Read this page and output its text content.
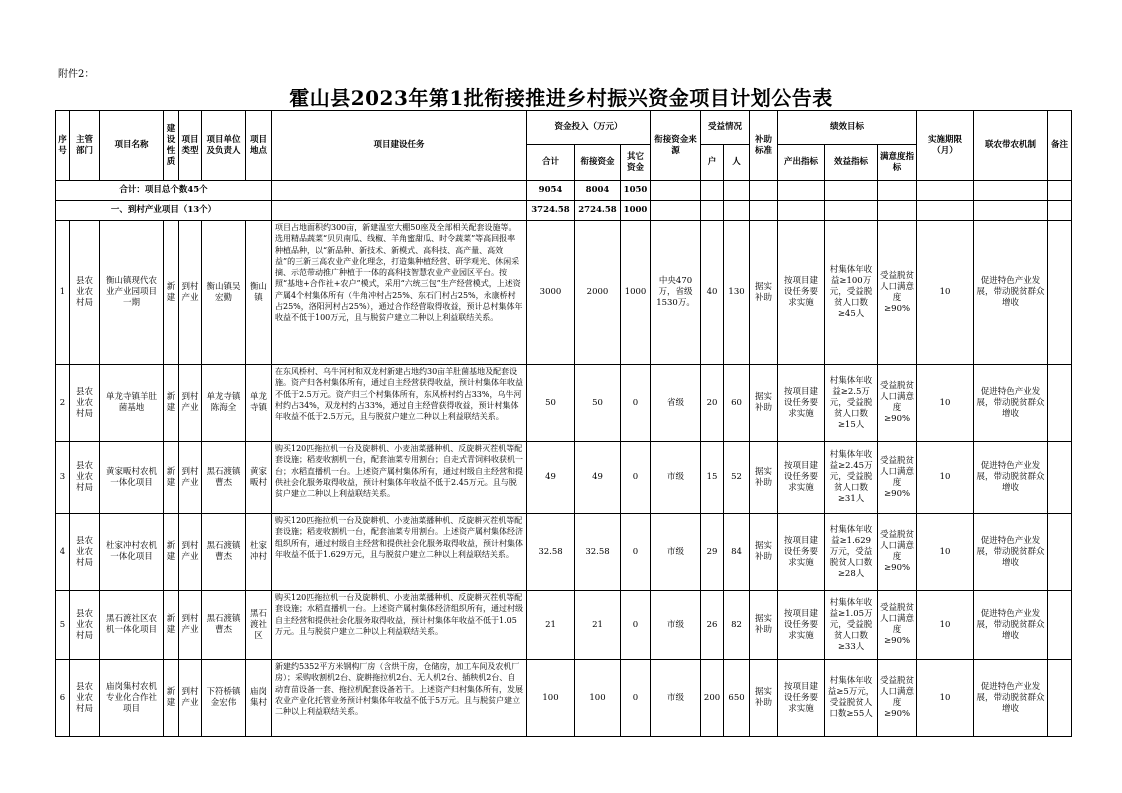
附件2：
霍山县2023年第1批衔接推进乡村振兴资金项目计划公告表
序号	主管部门	项目名称	建设性质	项目类型	项目单位及负责人	项目地点	项目建设任务	资金投入（万元）			衔接资金来源	受益情况		补助标准	绩效目标			实施期限（月）	联农带农机制	备注
								合计	衔接资金	其它资金		户	人		产出指标	效益指标	满意度指标			
合计：项目总个数45个								9054	8004	1050										
一、到村产业项目（13个）								3724.58	2724.58	1000										
1	县农业农村局	衡山镇现代农业产业园项目一期	新建	到村产业	衡山镇吴宏勤	衡山镇	项目占地面积约300亩，新建温室大棚50座及全部相关配套设施等。选用精品蔬菜“贝贝南瓜、线椒、羊角蜜甜瓜、时令蔬菜”等高回报率种植品种，以“新品种、新技术、新模式、高科技、高产量、高效益”的三新三高农业产业化理念，打造集种植经营、研学观光、休闲采摘、示范带动推广种植于一体的高科技智慧农业产业园区平台。按照“基地+合作社+农户”模式，采用“六统三包”生产经营模式，上述资产属4个村集体所有（牛角冲村占25%、东石门村占25%，永康桥村占25%，洛阳河村占25%），通过合作经营取得收益，预计总村集体年收益不低于100万元，且与脱贫户建立二种以上利益联结关系。	3000	2000	1000	中央470万，省级1530万。	40	130	据实补助	按项目建设任务要求实施	村集体年收益≥100万元，受益脱贫人口数≥45人	受益脱贫人口满意度≥90%	10	促进特色产业发展，带动脱贫群众增收	
2	县农业农村局	单龙寺镇羊肚菌基地	新建	到村产业	单龙寺镇陈海全	单龙寺镇	在东风桥村、乌牛河村和双龙村新建占地约30亩羊肚菌基地及配套设施。资产归各村集体所有，通过自主经营获得收益，预计村集体年收益不低于2.5万元。资产归三个村集体所有，东风桥村约占33%，乌牛河村约占34%，双龙村约占33%，通过自主经营获得收益，预计村集体年收益不低于2.5万元，且与脱贫户建立二种以上利益联结关系。	50	50	0	省级	20	60	据实补助	按项目建设任务要求实施	村集体年收益≥2.5万元，受益脱贫人口数≥15人	受益脱贫人口满意度≥90%	10	促进特色产业发展，带动脱贫群众增收	
3	县农业农村局	黄家畈村农机一体化项目	新建	到村产业	黑石渡镇曹杰	黄家畈村	购买120匹拖拉机一台及旋耕机、小麦油菜播种机、反旋耕灭茬机等配套设施；稻麦收割机一台，配套油菜专用割台；自走式青饲料收获机一台；水稻直播机一台。上述资产属村集体所有，通过村级自主经营和提供社会化服务取得收益，预计村集体年收益不低于2.45万元。且与脱贫户建立二种以上利益联结关系。	49	49	0	市级	15	52	据实补助	按项目建设任务要求实施	村集体年收益≥2.45万元，受益脱贫人口数≥31人	受益脱贫人口满意度≥90%	10	促进特色产业发展，带动脱贫群众增收	
4	县农业农村局	杜家冲村农机一体化项目	新建	到村产业	黑石渡镇曹杰	杜家冲村	购买120匹拖拉机一台及旋耕机、小麦油菜播种机、反旋耕灭茬机等配套设施；稻麦收割机一台，配套油菜专用割台。上述资产属村集体经济组织所有，通过村级自主经营和提供社会化服务取得收益，预计村集体年收益不低于1.629万元，且与脱贫户建立二种以上利益联结关系。	32.58	32.58	0	市级	29	84	据实补助	按项目建设任务要求实施	村集体年收益≥1.629万元，受益脱贫人口数≥28人	受益脱贫人口满意度≥90%	10	促进特色产业发展，带动脱贫群众增收	
5	县农业农村局	黑石渡社区农机一体化项目	新建	到村产业	黑石渡镇曹杰	黑石渡社区	购买120匹拖拉机一台及旋耕机、小麦油菜播种机、反旋耕灭茬机等配套设施；水稻直播机一台。上述资产属村集体经济组织所有，通过村级自主经营和提供社会化服务取得收益，预计村集体年收益不低于1.05万元。且与脱贫户建立二种以上利益联结关系。	21	21	0	市级	26	82	据实补助	按项目建设任务要求实施	村集体年收益≥1.05万元，受益脱贫人口数≥33人	受益脱贫人口满意度≥90%	10	促进特色产业发展，带动脱贫群众增收	
6	县农业农村局	庙岗集村农机专业化合作社项目	新建	到村产业	下符桥镇金宏伟	庙岗集村	新建约5352平方米钢构厂房（含烘干房，仓储房，加工车间及农机厂房）；采购收割机2台、旋耕拖拉机2台、无人机2台、插秧机2台、自动育苗设备一套、拖拉机配套设备若干。上述资产归村集体所有，发展农业产业化托管业务预计村集体年收益不低于5万元。且与脱贫户建立二种以上利益联结关系。	100	100	0	市级	200	650	据实补助	按项目建设任务要求实施	村集体年收益≥5万元，受益脱贫人口数≥55人	受益脱贫人口满意度≥90%	10	促进特色产业发展，带动脱贫群众增收	
